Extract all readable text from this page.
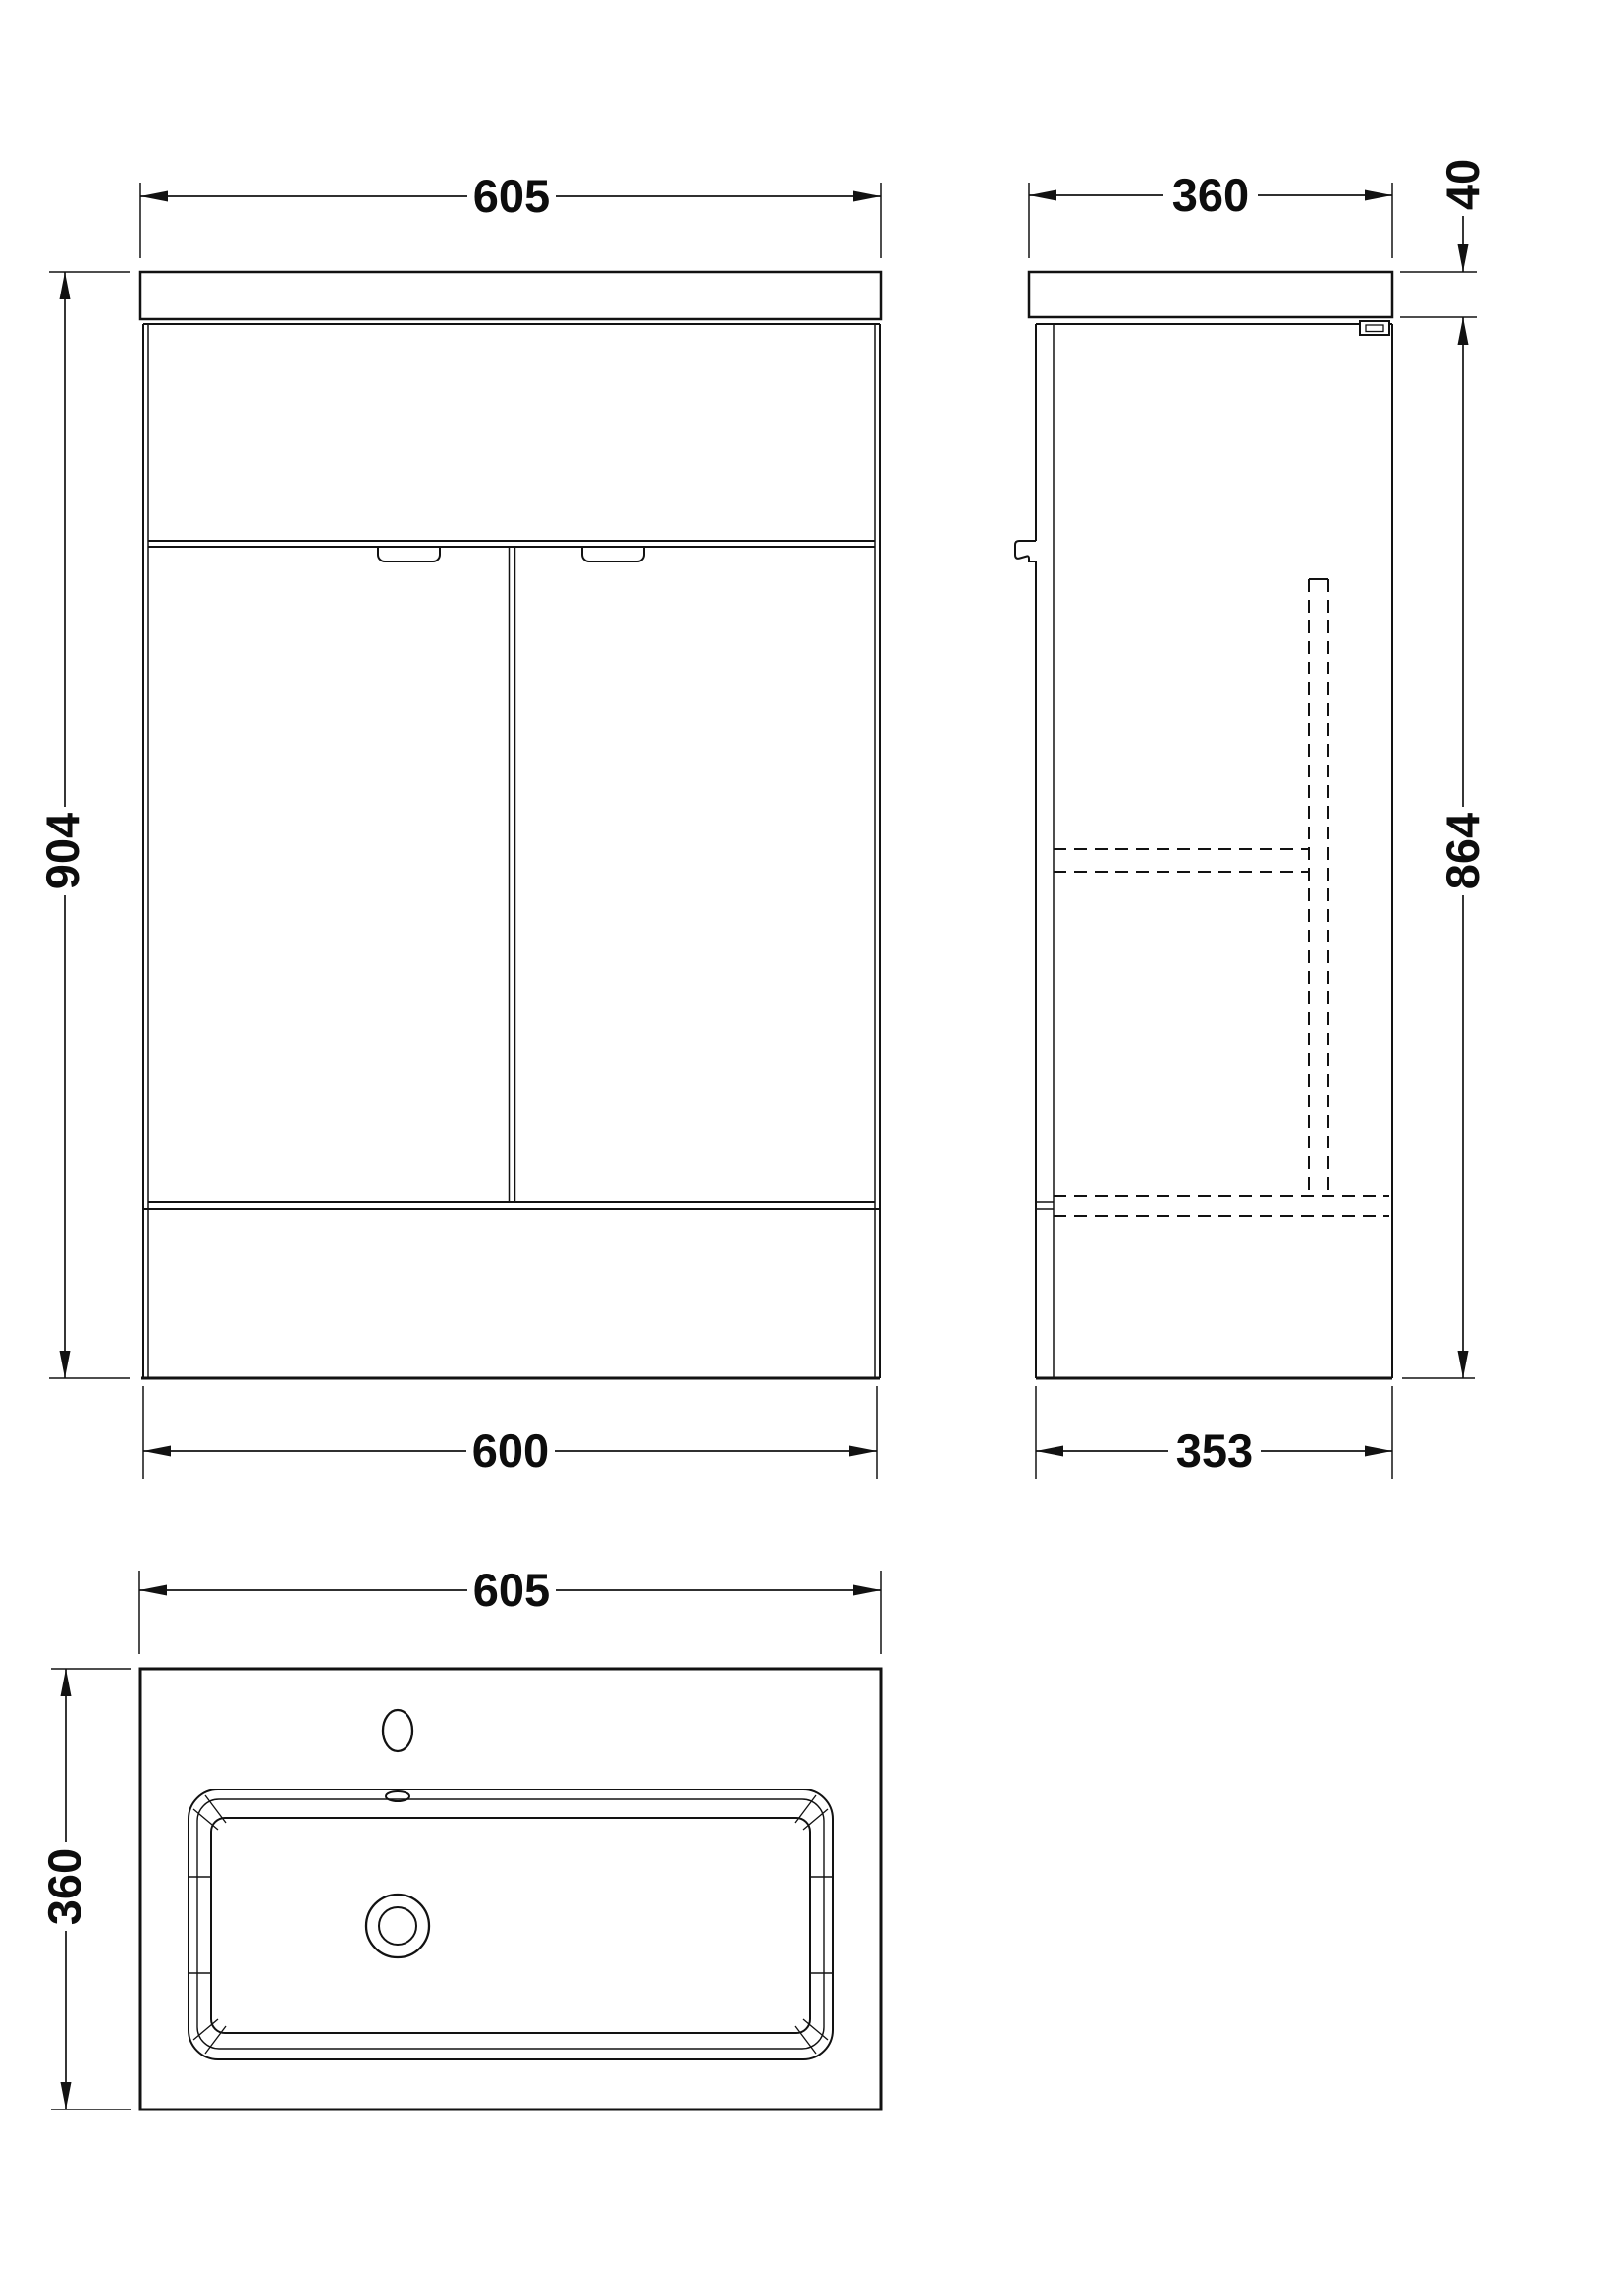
605
904
600
360	40
864
353
605
360
